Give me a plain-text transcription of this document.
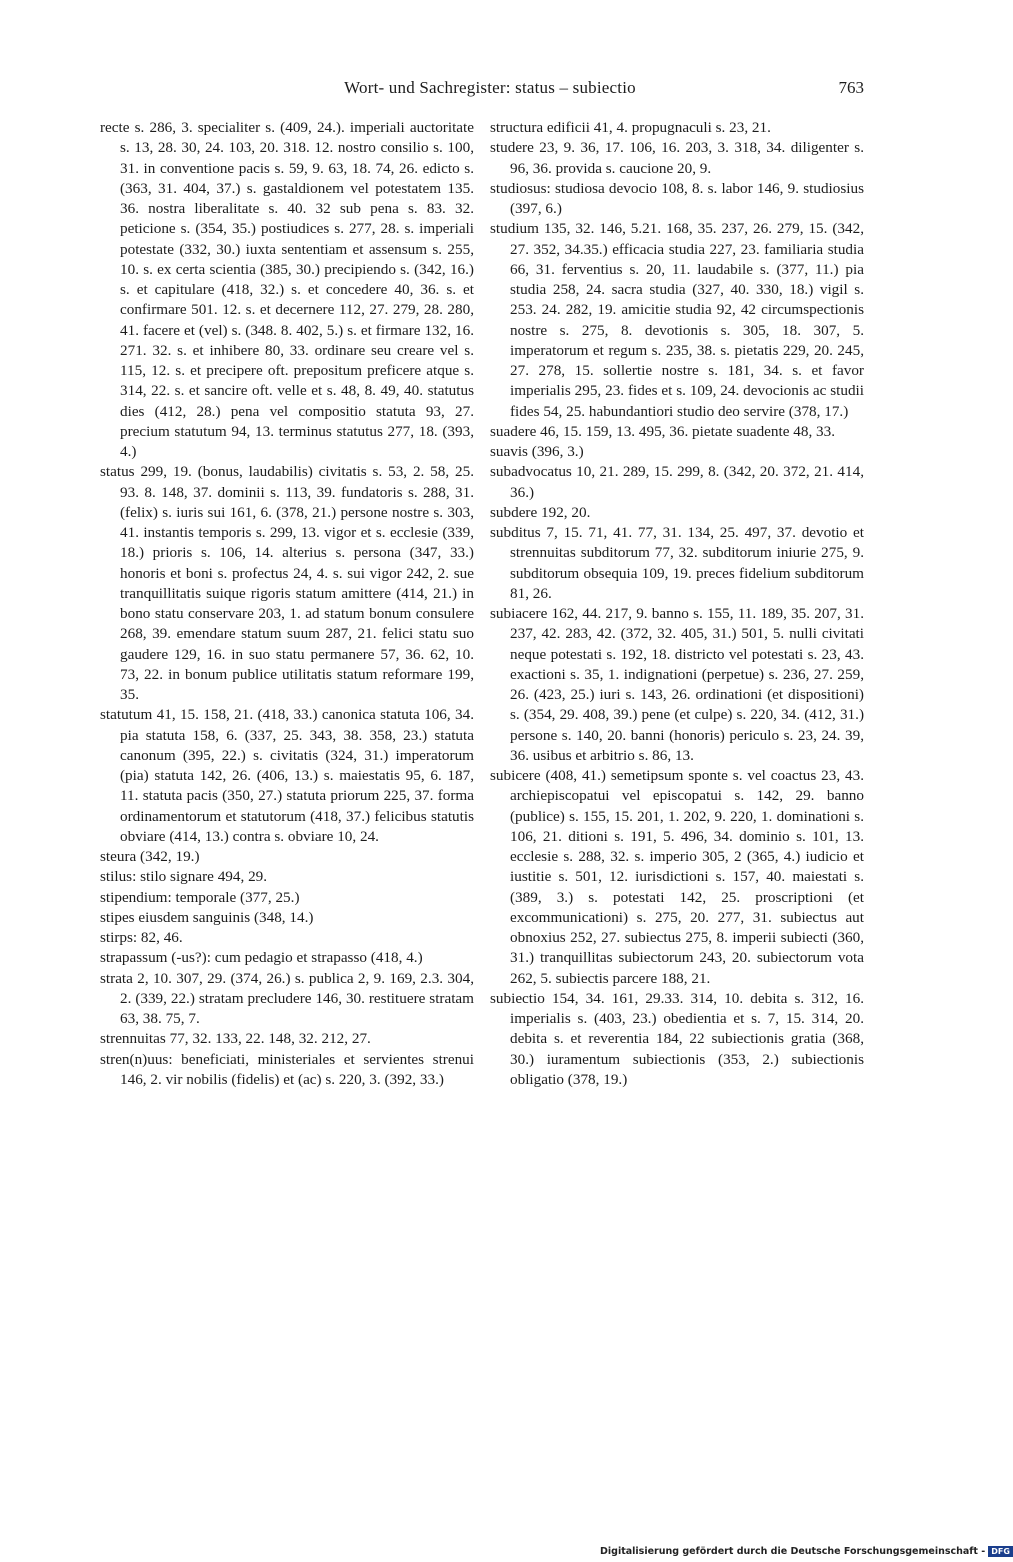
Wort- und Sachregister: status – subiectio	763

recte s. 286, 3. specialiter s. (409, 24.). imperiali auctoritate s. 13, 28. 30, 24. 103, 20. 318. 12. nostro consilio s. 100, 31. in conventione pacis s. 59, 9. 63, 18. 74, 26. edicto s. (363, 31. 404, 37.) s. gastaldionem vel potestatem 135. 36. nostra liberalitate s. 40. 32 sub pena s. 83. 32. peticione s. (354, 35.) postiudices s. 277, 28. s. imperiali potestate (332, 30.) iuxta sententiam et assensum s. 255, 10. s. ex certa scientia (385, 30.) precipiendo s. (342, 16.) s. et capitulare (418, 32.) s. et concedere 40, 36. s. et confirmare 501. 12. s. et decernere 112, 27. 279, 28. 280, 41. facere et (vel) s. (348. 8. 402, 5.) s. et firmare 132, 16. 271. 32. s. et inhibere 80, 33. ordinare seu creare vel s. 115, 12. s. et precipere oft. prepositum preficere atque s. 314, 22. s. et sancire oft. velle et s. 48, 8. 49, 40. statutus dies (412, 28.) pena vel compositio statuta 93, 27. precium statutum 94, 13. terminus statutus 277, 18. (393, 4.)

status 299, 19. (bonus, laudabilis) civitatis s. 53, 2. 58, 25. 93. 8. 148, 37. dominii s. 113, 39. fundatoris s. 288, 31. (felix) s. iuris sui 161, 6. (378, 21.) persone nostre s. 303, 41. instantis temporis s. 299, 13. vigor et s. ecclesie (339, 18.) prioris s. 106, 14. alterius s. persona (347, 33.) honoris et boni s. profectus 24, 4. s. sui vigor 242, 2. sue tranquillitatis suique rigoris statum amittere (414, 21.) in bono statu conservare 203, 1. ad statum bonum consulere 268, 39. emendare statum suum 287, 21. felici statu suo gaudere 129, 16. in suo statu permanere 57, 36. 62, 10. 73, 22. in bonum publice utilitatis statum reformare 199, 35.

statutum 41, 15. 158, 21. (418, 33.) canonica statuta 106, 34. pia statuta 158, 6. (337, 25. 343, 38. 358, 23.) statuta canonum (395, 22.) s. civitatis (324, 31.) imperatorum (pia) statuta 142, 26. (406, 13.) s. maiestatis 95, 6. 187, 11. statuta pacis (350, 27.) statuta priorum 225, 37. forma ordinamentorum et statutorum (418, 37.) felicibus statutis obviare (414, 13.) contra s. obviare 10, 24.

steura (342, 19.)

stilus: stilo signare 494, 29.

stipendium: temporale (377, 25.)

stipes eiusdem sanguinis (348, 14.)

stirps: 82, 46.

strapassum (-us?): cum pedagio et strapasso (418, 4.)

strata 2, 10. 307, 29. (374, 26.) s. publica 2, 9. 169, 2.3. 304, 2. (339, 22.) stratam precludere 146, 30. restituere stratam 63, 38. 75, 7.

strennuitas 77, 32. 133, 22. 148, 32. 212, 27.

stren(n)uus: beneficiati, ministeriales et servientes strenui 146, 2. vir nobilis (fidelis) et (ac) s. 220, 3. (392, 33.)

structura edificii 41, 4. propugnaculi s. 23, 21.

studere 23, 9. 36, 17. 106, 16. 203, 3. 318, 34. diligenter s. 96, 36. provida s. caucione 20, 9.

studiosus: studiosa devocio 108, 8. s. labor 146, 9. studiosius (397, 6.)

studium 135, 32. 146, 5.21. 168, 35. 237, 26. 279, 15. (342, 27. 352, 34.35.) efficacia studia 227, 23. familiaria studia 66, 31. ferventius s. 20, 11. laudabile s. (377, 11.) pia studia 258, 24. sacra studia (327, 40. 330, 18.) vigil s. 253. 24. 282, 19. amicitie studia 92, 42 circumspectionis nostre s. 275, 8. devotionis s. 305, 18. 307, 5. imperatorum et regum s. 235, 38. s. pietatis 229, 20. 245, 27. 278, 15. sollertie nostre s. 181, 34. s. et favor imperialis 295, 23. fides et s. 109, 24. devocionis ac studii fides 54, 25. habundantiori studio deo servire (378, 17.)

suadere 46, 15. 159, 13. 495, 36. pietate suadente 48, 33.

suavis (396, 3.)

subadvocatus 10, 21. 289, 15. 299, 8. (342, 20. 372, 21. 414, 36.)

subdere 192, 20.

subditus 7, 15. 71, 41. 77, 31. 134, 25. 497, 37. devotio et strennuitas subditorum 77, 32. subditorum iniurie 275, 9. subditorum obsequia 109, 19. preces fidelium subditorum 81, 26.

subiacere 162, 44. 217, 9. banno s. 155, 11. 189, 35. 207, 31. 237, 42. 283, 42. (372, 32. 405, 31.) 501, 5. nulli civitati neque potestati s. 192, 18. districto vel potestati s. 23, 43. exactioni s. 35, 1. indignationi (perpetue) s. 236, 27. 259, 26. (423, 25.) iuri s. 143, 26. ordinationi (et dispositioni) s. (354, 29. 408, 39.) pene (et culpe) s. 220, 34. (412, 31.) persone s. 140, 20. banni (honoris) periculo s. 23, 24. 39, 36. usibus et arbitrio s. 86, 13.

subicere (408, 41.) semetipsum sponte s. vel coactus 23, 43. archiepiscopatui vel episcopatui s. 142, 29. banno (publice) s. 155, 15. 201, 1. 202, 9. 220, 1. dominationi s. 106, 21. ditioni s. 191, 5. 496, 34. dominio s. 101, 13. ecclesie s. 288, 32. s. imperio 305, 2 (365, 4.) iudicio et iustitie s. 501, 12. iurisdictioni s. 157, 40. maiestati s. (389, 3.) s. potestati 142, 25. proscriptioni (et excommunicationi) s. 275, 20. 277, 31. subiectus aut obnoxius 252, 27. subiectus 275, 8. imperii subiecti (360, 31.) tranquillitas subiectorum 243, 20. subiectorum vota 262, 5. subiectis parcere 188, 21.

subiectio 154, 34. 161, 29.33. 314, 10. debita s. 312, 16. imperialis s. (403, 23.) obedientia et s. 7, 15. 314, 20. debita s. et reverentia 184, 22 subiectionis gratia (368, 30.) iuramentum subiectionis (353, 2.) subiectionis obligatio (378, 19.)

Digitalisierung gefördert durch die Deutsche Forschungsgemeinschaft - DFG
